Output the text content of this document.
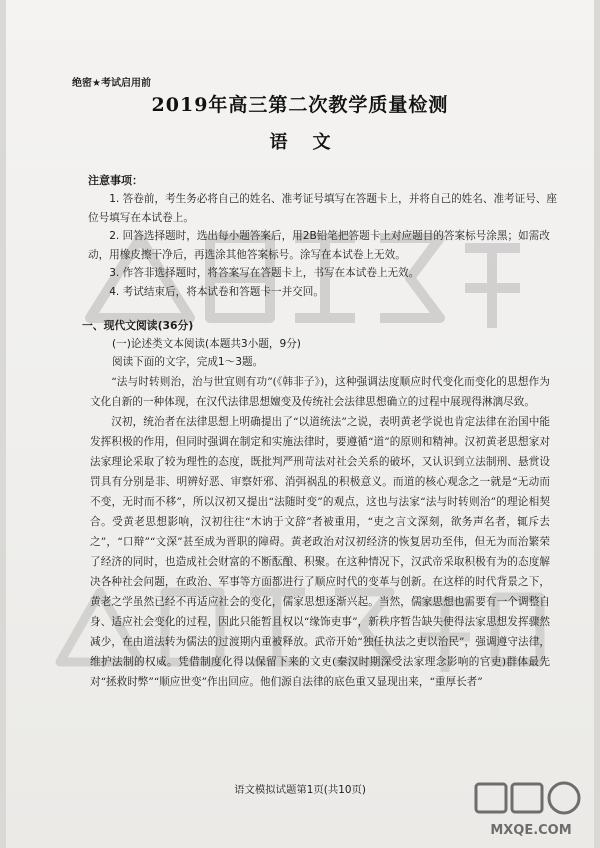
绝密★考试启用前
2019年高三第二次教学质量检测
语    文
注意事项：

1. 答卷前，考生务必将自己的姓名、准考证号填写在答题卡上，并将自己的姓名、准考证号、座位号填写在本试卷上。

2. 回答选择题时，选出每小题答案后，用2B铅笔把答题卡上对应题目的答案标号涂黑；如需改动，用橡皮擦干净后，再选涂其他答案标号。涂写在本试卷上无效。

3. 作答非选择题时，将答案写在答题卡上，书写在本试卷上无效。

4. 考试结束后，将本试卷和答题卡一并交回。

一、现代文阅读(36分)
(一)论述类文本阅读(本题共3小题，9分)
阅读下面的文字，完成1～3题。

“法与时转则治，治与世宜则有功”(《韩非子》)，这种强调法度顺应时代变化而变化的思想作为文化自新的一种体现，在汉代法律思想嬗变及传统社会法律思想确立的过程中展现得淋漓尽致。

汉初，统治者在法律思想上明确提出了“以道统法”之说，表明黄老学说也肯定法律在治国中能发挥积极的作用，但同时强调在制定和实施法律时，要遵循“道”的原则和精神。汉初黄老思想家对法家理论采取了较为理性的态度，既批判严刑苛法对社会关系的破坏，又认识到立法制刑、悬赏设罚具有分别是非、明辨好恶、审察奸邪、消弭祸乱的积极意义。而道的核心观念之一就是“无动而不变，无时而不移”，所以汉初又提出“法随时变”的观点，这也与法家“法与时转则治”的理论相契合。受黄老思想影响，汉初往往“木讷于文辞”者被重用，“吏之言文深刻，欲务声名者，辄斥去之”，“口辩”“文深”甚至成为晋职的障碍。黄老政治对汉初经济的恢复居功至伟，但无为而治繁荣了经济的同时，也造成社会财富的不断酝酿、积聚。在这种情况下，汉武帝采取积极有为的态度解决各种社会问题，在政治、军事等方面都进行了顺应时代的变革与创新。在这样的时代背景之下，黄老之学虽然已经不再适应社会的变化，儒家思想逐渐兴起。当然，儒家思想也需要有一个调整自身、适应社会变化的过程，因此只能暂且权以“缘饰吏事”，新秩序暂告缺失使得法家思想发挥骤然减少，在由道法转为儒法的过渡期内重被释放。武帝开始“独任执法之吏以治民”，强调遵守法律，维护法制的权威。凭借制度化得以保留下来的文吏(秦汉时期深受法家理念影响的官吏)群体最先对“拯救时弊”“顺应世变”作出回应。他们源自法律的底色重又显现出来，“重厚长者”

语文模拟试题第1页(共10页)
MXQE.COM
